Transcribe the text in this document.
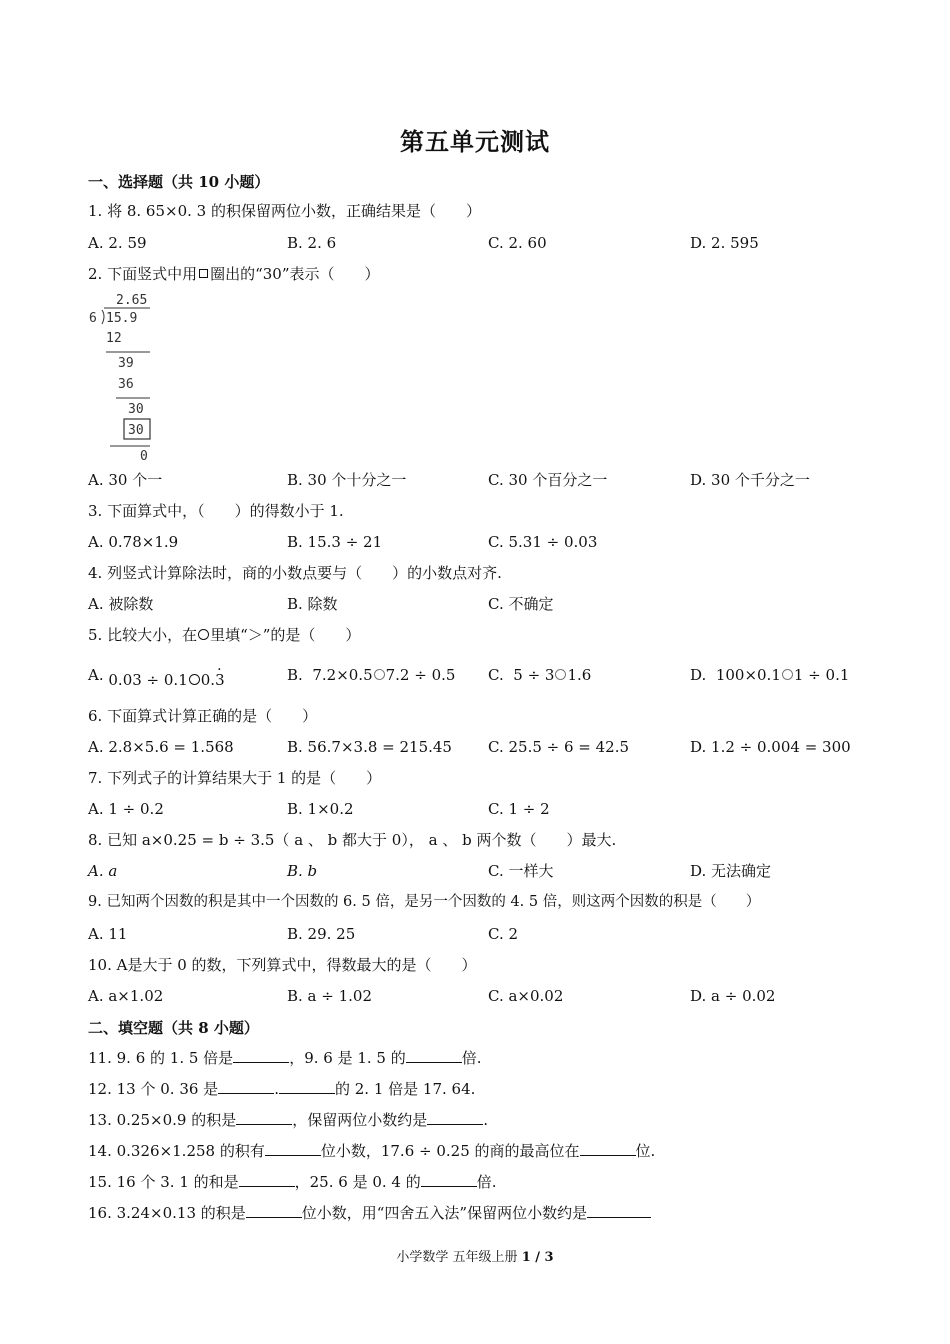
第五单元测试
一、选择题（共 10 小题）
1. 将 8. 65×0. 3 的积保留两位小数，正确结果是（　　）
A. 2. 59	B. 2. 6	C. 2. 60	D. 2. 595
2. 下面竖式中用 圈出的“30”表示（　　）
2.65
6 15.9
12
39
36
30
30
0
A. 30 个一	B. 30 个十分之一	C. 30 个百分之一	D. 30 个千分之一
3. 下面算式中，（　　）的得数小于 1.
A. 0.78×1.9	B. 15.3 ÷ 21	C. 5.31 ÷ 0.03
4. 列竖式计算除法时，商的小数点要与（　　）的小数点对齐.
A. 被除数	B. 除数	C. 不确定
5. 比较大小，在 里填“＞”的是（　　）
A. 0.03 ÷ 0.1 0.3 ·	B. 7.2×0.5 7.2 ÷ 0.5 C. 5 ÷ 3 1.6	D. 100×0.1 1 ÷ 0.1
6. 下面算式计算正确的是（　　）
A. 2.8×5.6 = 1.568	B. 56.7×3.8 = 215.45 C. 25.5 ÷ 6 = 42.5	D. 1.2 ÷ 0.004 = 300
7. 下列式子的计算结果大于 1 的是（　　）
A. 1 ÷ 0.2	B. 1×0.2	C. 1 ÷ 2
8. 已知 a×0.25 = b ÷ 3.5（ a 、 b 都大于 0）， a 、 b 两个数（　　）最大.
A. a	B. b	C. 一样大	D. 无法确定
9. 已知两个因数的积是其中一个因数的 6. 5 倍，是另一个因数的 4. 5 倍，则这两个因数的积是（　　）
A. 11	B. 29. 25	C. 2
10. A是大于 0 的数，下列算式中，得数最大的是（　　）
A. a×1.02	B. a ÷ 1.02	C. a×0.02	D. a ÷ 0.02
二、填空题（共 8 小题）
11. 9. 6 的 1. 5 倍是	，9. 6 是 1. 5 的	倍.
12. 13 个 0. 36 是	.	的 2. 1 倍是 17. 64.
13. 0.25×0.9 的积是	，保留两位小数约是	.
14. 0.326×1.258 的积有	位小数，17.6 ÷ 0.25 的商的最高位在	位.
15. 16 个 3. 1 的和是	，25. 6 是 0. 4 的	倍.
16. 3.24×0.13 的积是	位小数，用“四舍五入法”保留两位小数约是
小学数学 五年级上册 1 / 3
